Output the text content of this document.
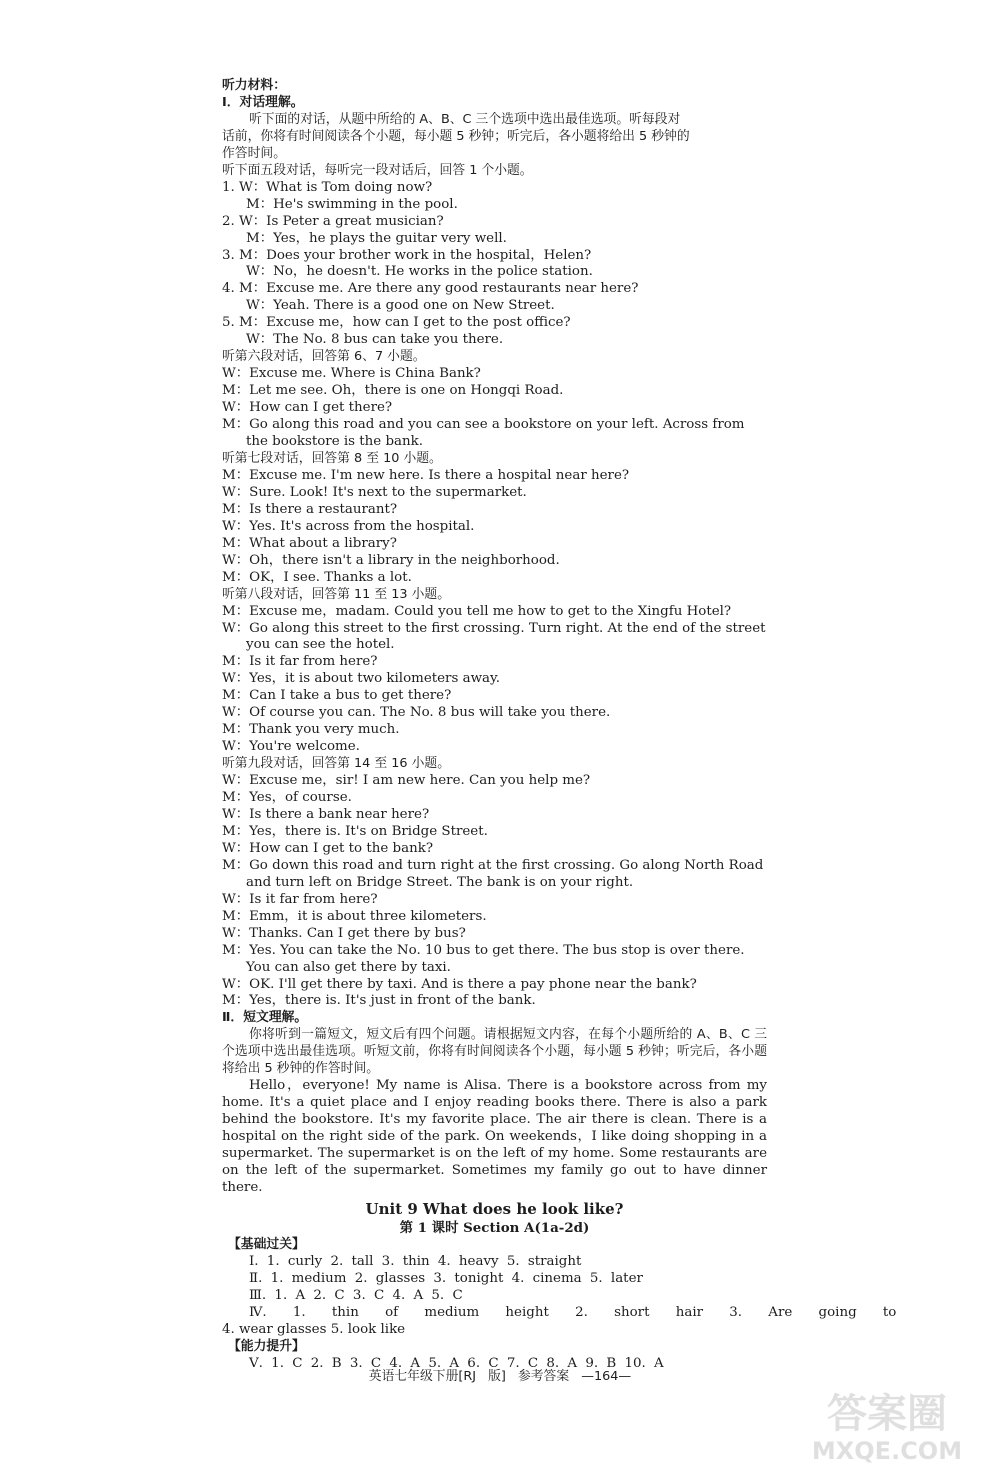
听力材料：
Ⅰ．对话理解。
听下面的对话，从题中所给的 A、B、C 三个选项中选出最佳选项。听每段对
话前，你将有时间阅读各个小题，每小题 5 秒钟；听完后，各小题将给出 5 秒钟的
作答时间。
听下面五段对话，每听完一段对话后，回答 1 个小题。
1. W：What is Tom doing now?
M：He's swimming in the pool.
2. W：Is Peter a great musician?
M：Yes，he plays the guitar very well.
3. M：Does your brother work in the hospital，Helen?
W：No，he doesn't. He works in the police station.
4. M：Excuse me. Are there any good restaurants near here?
W：Yeah. There is a good one on New Street.
5. M：Excuse me，how can I get to the post office?
W：The No. 8 bus can take you there.
听第六段对话，回答第 6、7 小题。
W：Excuse me. Where is China Bank?
M：Let me see. Oh，there is one on Hongqi Road.
W：How can I get there?
M：Go along this road and you can see a bookstore on your left. Across from the bookstore is the bank.
听第七段对话，回答第 8 至 10 小题。
M：Excuse me. I'm new here. Is there a hospital near here?
W：Sure. Look! It's next to the supermarket.
M：Is there a restaurant?
W：Yes. It's across from the hospital.
M：What about a library?
W：Oh，there isn't a library in the neighborhood.
M：OK，I see. Thanks a lot.
听第八段对话，回答第 11 至 13 小题。
M：Excuse me，madam. Could you tell me how to get to the Xingfu Hotel?
W：Go along this street to the first crossing. Turn right. At the end of the street you can see the hotel.
M：Is it far from here?
W：Yes，it is about two kilometers away.
M：Can I take a bus to get there?
W：Of course you can. The No. 8 bus will take you there.
M：Thank you very much.
W：You're welcome.
听第九段对话，回答第 14 至 16 小题。
W：Excuse me，sir! I am new here. Can you help me?
M：Yes，of course.
W：Is there a bank near here?
M：Yes，there is. It's on Bridge Street.
W：How can I get to the bank?
M：Go down this road and turn right at the first crossing. Go along North Road and turn left on Bridge Street. The bank is on your right.
W：Is it far from here?
M：Emm，it is about three kilometers.
W：Thanks. Can I get there by bus?
M：Yes. You can take the No. 10 bus to get there. The bus stop is over there. You can also get there by taxi.
W：OK. I'll get there by taxi. And is there a pay phone near the bank?
M：Yes，there is. It's just in front of the bank.
Ⅱ．短文理解。
你将听到一篇短文，短文后有四个问题。请根据短文内容，在每个小题所给的 A、B、C 三个选项中选出最佳选项。听短文前，你将有时间阅读各个小题，每小题 5 秒钟；听完后，各小题将给出 5 秒钟的作答时间。
Hello，everyone! My name is Alisa. There is a bookstore across from my home. It's a quiet place and I enjoy reading books there. There is also a park behind the bookstore. It's my favorite place. The air there is clean. There is a hospital on the right side of the park. On weekends，I like doing shopping in a supermarket. The supermarket is on the left of my home. Some restaurants are on the left of the supermarket. Sometimes my family go out to have dinner there.
Unit 9 What does he look like?
第 1 课时 Section A(1a-2d)
【基础过关】
Ⅰ. 1. curly 2. tall 3. thin 4. heavy 5. straight
Ⅱ. 1. medium 2. glasses 3. tonight 4. cinema 5. later
Ⅲ. 1. A 2. C 3. C 4. A 5. C
Ⅳ. 1. thin of medium height 2. short hair 3. Are going to
4. wear glasses 5. look like
【能力提升】
Ⅴ. 1. C 2. B 3. C 4. A 5. A 6. C 7. C 8. A 9. B 10. A
英语七年级下册[RJ 版] 参考答案 —164—
答案圈
MXQE.COM
